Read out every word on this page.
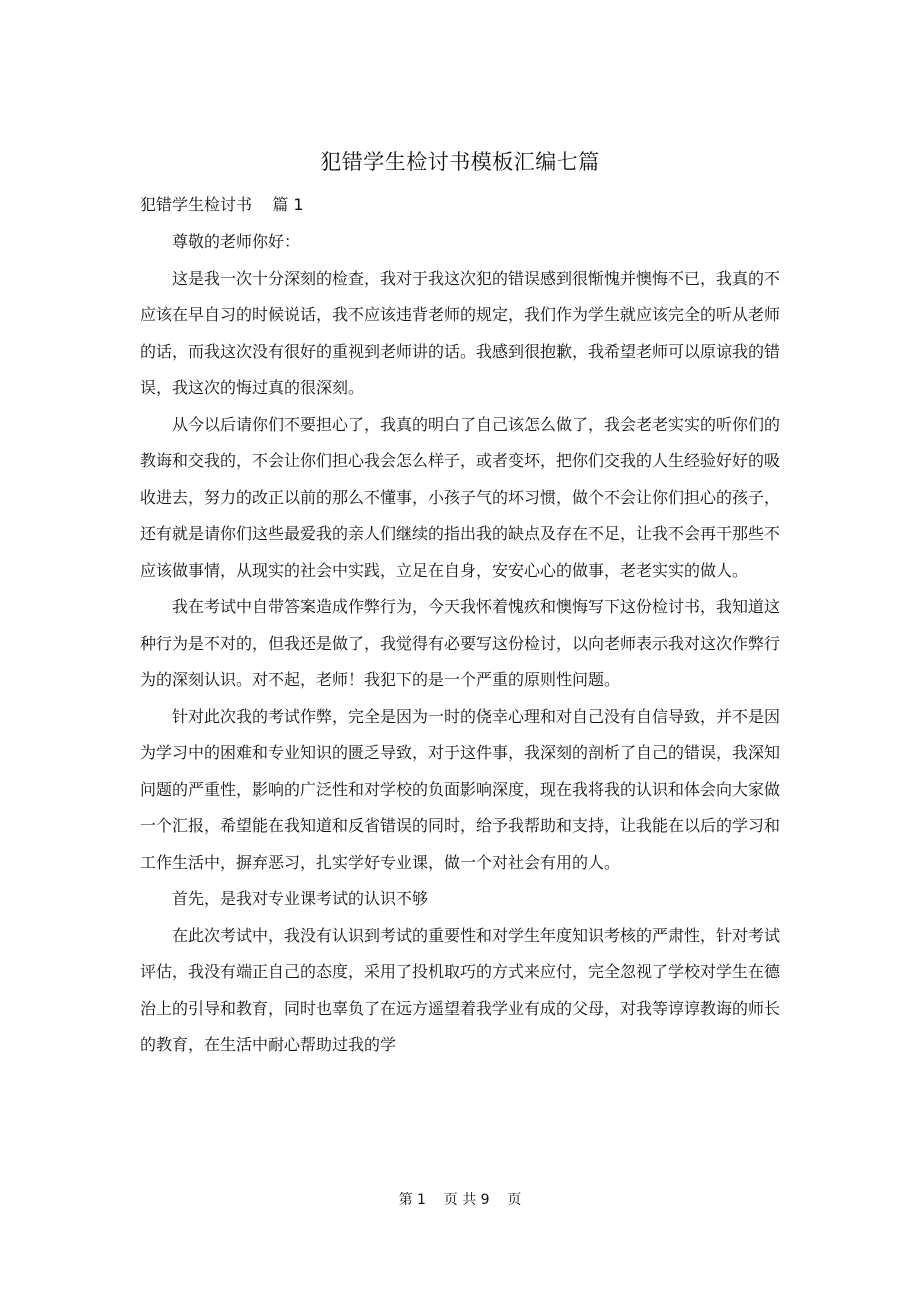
犯错学生检讨书模板汇编七篇
犯错学生检讨书    篇 1

尊敬的老师你好：

这是我一次十分深刻的检查，我对于我这次犯的错误感到很惭愧并懊悔不已，我真的不应该在早自习的时候说话，我不应该违背老师的规定，我们作为学生就应该完全的听从老师的话，而我这次没有很好的重视到老师讲的话。我感到很抱歉，我希望老师可以原谅我的错误，我这次的悔过真的很深刻。

从今以后请你们不要担心了，我真的明白了自己该怎么做了，我会老老实实的听你们的教诲和交我的，不会让你们担心我会怎么样子，或者变坏，把你们交我的人生经验好好的吸收进去，努力的改正以前的那么不懂事，小孩子气的坏习惯，做个不会让你们担心的孩子，还有就是请你们这些最爱我的亲人们继续的指出我的缺点及存在不足，让我不会再干那些不应该做事情，从现实的社会中实践，立足在自身，安安心心的做事，老老实实的做人。

我在考试中自带答案造成作弊行为，今天我怀着愧疚和懊悔写下这份检讨书，我知道这种行为是不对的，但我还是做了，我觉得有必要写这份检讨，以向老师表示我对这次作弊行为的深刻认识。对不起，老师！我犯下的是一个严重的原则性问题。

针对此次我的考试作弊，完全是因为一时的侥幸心理和对自己没有自信导致，并不是因为学习中的困难和专业知识的匮乏导致，对于这件事，我深刻的剖析了自己的错误，我深知问题的严重性，影响的广泛性和对学校的负面影响深度，现在我将我的认识和体会向大家做一个汇报，希望能在我知道和反省错误的同时，给予我帮助和支持，让我能在以后的学习和工作生活中，摒弃恶习，扎实学好专业课，做一个对社会有用的人。

首先，是我对专业课考试的认识不够

在此次考试中，我没有认识到考试的重要性和对学生年度知识考核的严肃性，针对考试评估，我没有端正自己的态度，采用了投机取巧的方式来应付，完全忽视了学校对学生在德治上的引导和教育，同时也辜负了在远方遥望着我学业有成的父母，对我等谆谆教诲的师长的教育，在生活中耐心帮助过我的学

第 1    页 共 9    页
